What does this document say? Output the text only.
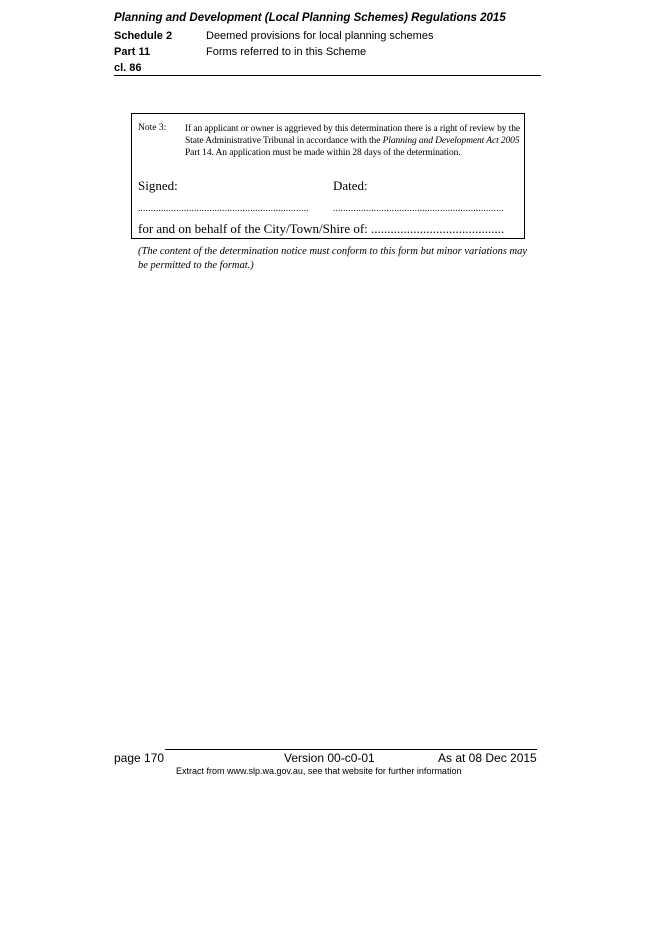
Planning and Development (Local Planning Schemes) Regulations 2015
Schedule 2	Deemed provisions for local planning schemes
Part 11	Forms referred to in this Scheme
cl. 86
Note 3: If an applicant or owner is aggrieved by this determination there is a right of review by the State Administrative Tribunal in accordance with the Planning and Development Act 2005 Part 14. An application must be made within 28 days of the determination.
Signed:	Dated:
...................................................................	...................................................................
for and on behalf of the City/Town/Shire of: .........................................
(The content of the determination notice must conform to this form but minor variations may be permitted to the format.)
page 170	Version 00-c0-01	As at 08 Dec 2015
Extract from www.slp.wa.gov.au, see that website for further information
